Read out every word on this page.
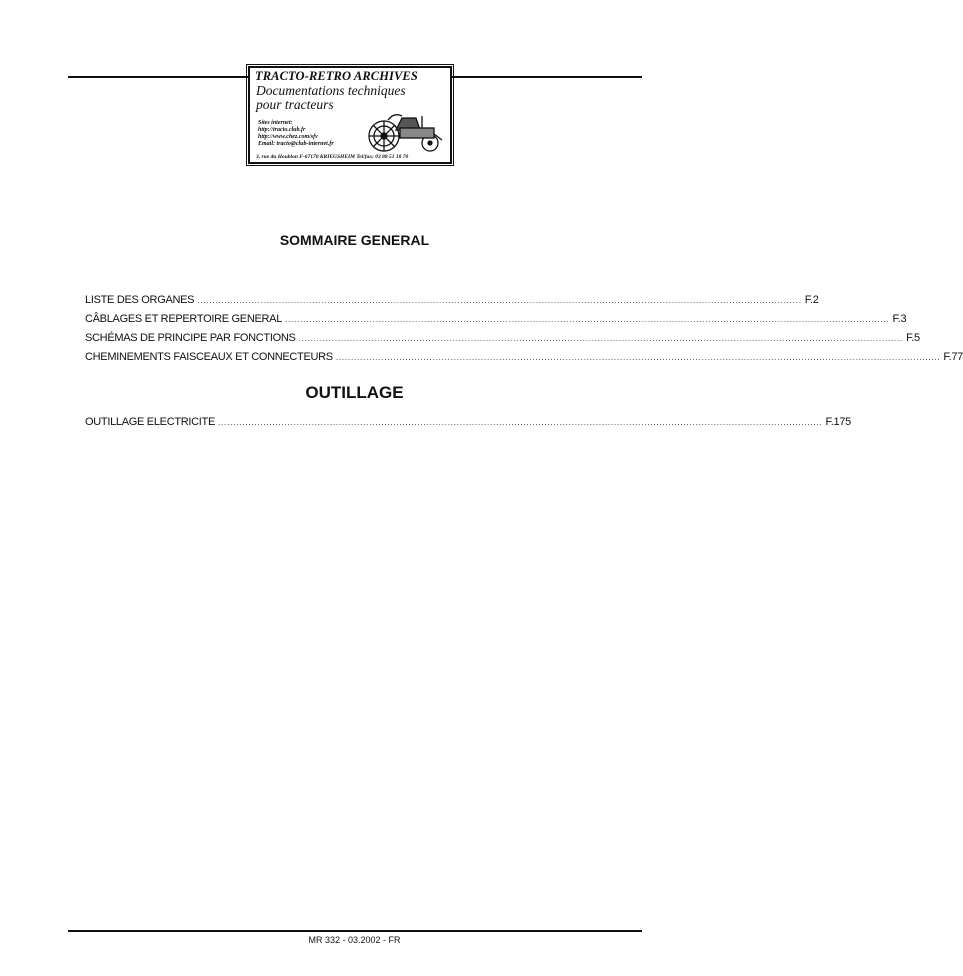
TRACTO-RETRO ARCHIVES
Documentations techniques
pour tracteurs
Sites internet:
http://tracto.club.fr
http://www.chez.com/sfv
Email: tracto@club-internet.fr
3, rue du Houblon F-67170 KRIEGSHEIM Tel/fax: 03 88 51 18 70
SOMMAIRE GENERAL
LISTE DES ORGANES ........................................................................................................................................................................................................ F.2
CÂBLAGES ET REPERTOIRE GENERAL ........................................................................................................................................................................................................ F.3
SCHÉMAS DE PRINCIPE PAR FONCTIONS ........................................................................................................................................................................................................ F.5
CHEMINEMENTS FAISCEAUX ET CONNECTEURS ........................................................................................................................................................................................................ F.77
OUTILLAGE
OUTILLAGE ELECTRICITE ........................................................................................................................................................................................................ F.175
MR 332 - 03.2002 - FR
